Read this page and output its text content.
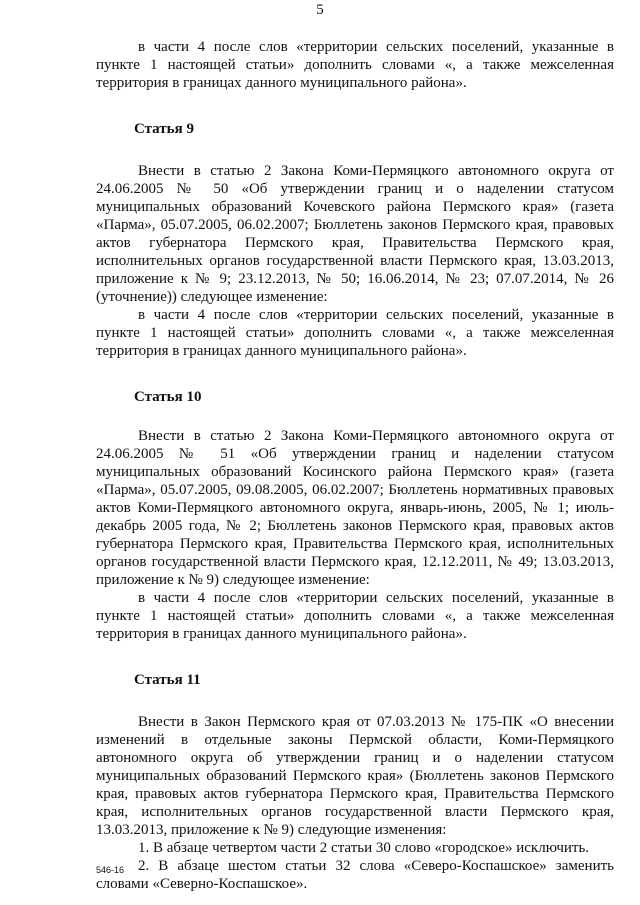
5

в части 4 после слов «территории сельских поселений, указанные в пункте 1 настоящей статьи» дополнить словами «, а также межселенная территория в границах данного муниципального района».

Статья 9

Внести в статью 2 Закона Коми-Пермяцкого автономного округа от 24.06.2005 № 50 «Об утверждении границ и о наделении статусом муниципальных образований Кочевского района Пермского края» (газета «Парма», 05.07.2005, 06.02.2007; Бюллетень законов Пермского края, правовых актов губернатора Пермского края, Правительства Пермского края, исполнительных органов государственной власти Пермского края, 13.03.2013, приложение к № 9; 23.12.2013, № 50; 16.06.2014, № 23; 07.07.2014, № 26 (уточнение)) следующее изменение:

в части 4 после слов «территории сельских поселений, указанные в пункте 1 настоящей статьи» дополнить словами «, а также межселенная территория в границах данного муниципального района».

Статья 10

Внести в статью 2 Закона Коми-Пермяцкого автономного округа от 24.06.2005 № 51 «Об утверждении границ и наделении статусом муниципальных образований Косинского района Пермского края» (газета «Парма», 05.07.2005, 09.08.2005, 06.02.2007; Бюллетень нормативных правовых актов Коми-Пермяцкого автономного округа, январь-июнь, 2005, № 1; июль-декабрь 2005 года, № 2; Бюллетень законов Пермского края, правовых актов губернатора Пермского края, Правительства Пермского края, исполнительных органов государственной власти Пермского края, 12.12.2011, № 49; 13.03.2013, приложение к № 9) следующее изменение:

в части 4 после слов «территории сельских поселений, указанные в пункте 1 настоящей статьи» дополнить словами «, а также межселенная территория в границах данного муниципального района».

Статья 11

Внести в Закон Пермского края от 07.03.2013 № 175-ПК «О внесении изменений в отдельные законы Пермской области, Коми-Пермяцкого автономного округа об утверждении границ и о наделении статусом муниципальных образований Пермского края» (Бюллетень законов Пермского края, правовых актов губернатора Пермского края, Правительства Пермского края, исполнительных органов государственной власти Пермского края, 13.03.2013, приложение к № 9) следующие изменения:

1. В абзаце четвертом части 2 статьи 30 слово «городское» исключить.

2. В абзаце шестом статьи 32 слова «Северо-Коспашское» заменить словами «Северно-Коспашское».

546-16
